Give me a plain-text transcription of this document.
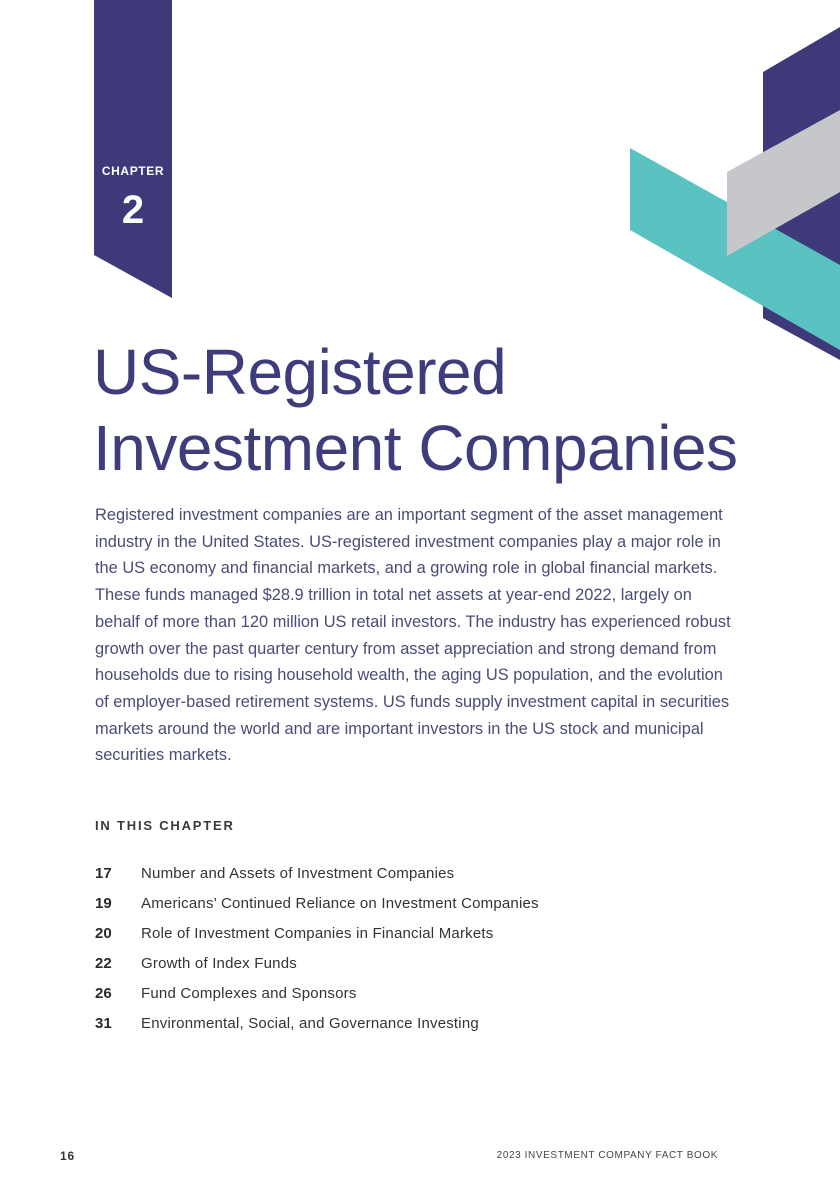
CHAPTER
2
US-Registered
Investment Companies

Registered investment companies are an important segment of the asset management industry in the United States. US-registered investment companies play a major role in the US economy and financial markets, and a growing role in global financial markets. These funds managed $28.9 trillion in total net assets at year-end 2022, largely on behalf of more than 120 million US retail investors. The industry has experienced robust growth over the past quarter century from asset appreciation and strong demand from households due to rising household wealth, the aging US population, and the evolution of employer-based retirement systems. US funds supply investment capital in securities markets around the world and are important investors in the US stock and municipal securities markets.

IN THIS CHAPTER
17	Number and Assets of Investment Companies
19	Americans’ Continued Reliance on Investment Companies
20	Role of Investment Companies in Financial Markets
22	Growth of Index Funds
26	Fund Complexes and Sponsors
31	Environmental, Social, and Governance Investing
16	2023 INVESTMENT COMPANY FACT BOOK
